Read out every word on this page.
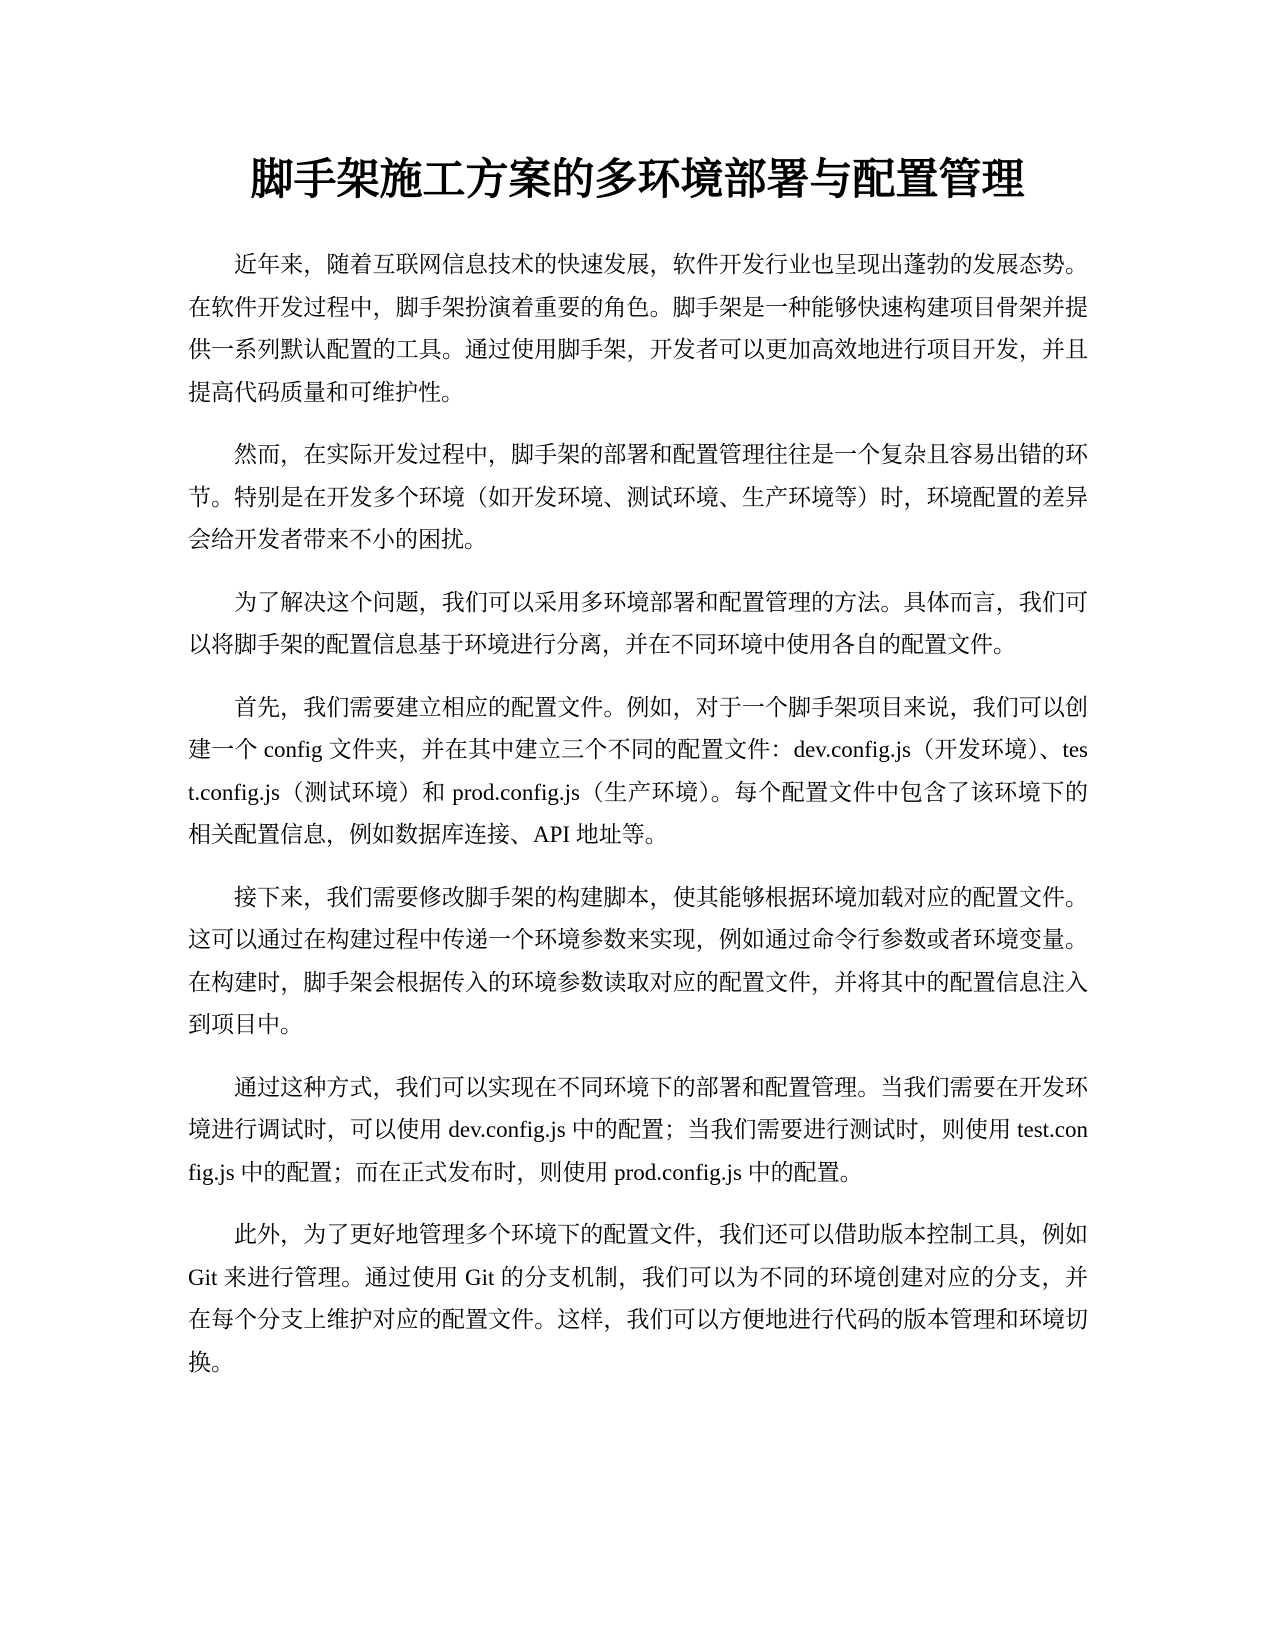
脚手架施工方案的多环境部署与配置管理

近年来，随着互联网信息技术的快速发展，软件开发行业也呈现出蓬勃的发展态势。在软件开发过程中，脚手架扮演着重要的角色。脚手架是一种能够快速构建项目骨架并提供一系列默认配置的工具。通过使用脚手架，开发者可以更加高效地进行项目开发，并且提高代码质量和可维护性。

然而，在实际开发过程中，脚手架的部署和配置管理往往是一个复杂且容易出错的环节。特别是在开发多个环境（如开发环境、测试环境、生产环境等）时，环境配置的差异会给开发者带来不小的困扰。

为了解决这个问题，我们可以采用多环境部署和配置管理的方法。具体而言，我们可以将脚手架的配置信息基于环境进行分离，并在不同环境中使用各自的配置文件。

首先，我们需要建立相应的配置文件。例如，对于一个脚手架项目来说，我们可以创建一个 config 文件夹，并在其中建立三个不同的配置文件：dev.config.js（开发环境）、test.config.js（测试环境）和 prod.config.js（生产环境）。每个配置文件中包含了该环境下的相关配置信息，例如数据库连接、API 地址等。

接下来，我们需要修改脚手架的构建脚本，使其能够根据环境加载对应的配置文件。这可以通过在构建过程中传递一个环境参数来实现，例如通过命令行参数或者环境变量。在构建时，脚手架会根据传入的环境参数读取对应的配置文件，并将其中的配置信息注入到项目中。

通过这种方式，我们可以实现在不同环境下的部署和配置管理。当我们需要在开发环境进行调试时，可以使用 dev.config.js 中的配置；当我们需要进行测试时，则使用 test.config.js 中的配置；而在正式发布时，则使用 prod.config.js 中的配置。

此外，为了更好地管理多个环境下的配置文件，我们还可以借助版本控制工具，例如 Git 来进行管理。通过使用 Git 的分支机制，我们可以为不同的环境创建对应的分支，并在每个分支上维护对应的配置文件。这样，我们可以方便地进行代码的版本管理和环境切换。
